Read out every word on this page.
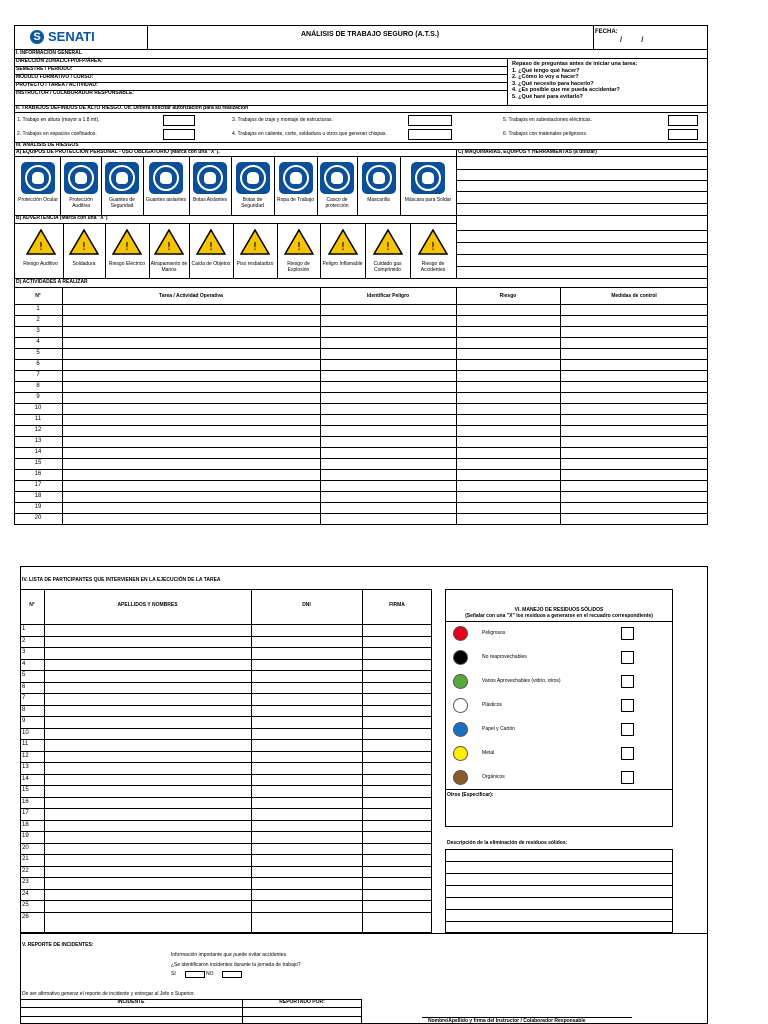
S SENATI	ANÁLISIS DE TRABAJO SEGURO (A.T.S.)	FECHA:
/          /
I. INFORMACIÓN GENERAL
DIRECCIÓN ZONAL/CFP/UFP/ÁREA:
SEMESTRE / PERIODO:
MÓDULO FORMATIVO / CURSO:
PROYECTO / TAREA / ACTIVIDAD:
INSTRUCTOR / COLABORADOR RESPONSABLE:
Repaso de preguntas antes de iniciar una tarea:
1. ¿Qué tengo qué hacer?
2. ¿Cómo lo voy a hacer?
3. ¿Qué necesito para hacerlo?
4. ¿Es posible que me pueda accidentar?
5. ¿Qué haré para evitarlo?
II. TRABAJOS DEFINIDOS DE ALTO RIESGO. Ud. Deberá solicitar autorización para su realización
1. Trabajo en altura (mayor a 1.8 mt).	3. Trabajos de izaje y montaje de estructuras.	5. Trabajos en subestaciones eléctricas.
2. Trabajos en espacios confinados.	4. Trabajos en caliente, corte, soldadura u otros que generan chispas.	6. Trabajos con materiales peligrosos.
III. ANÁLISIS DE RIESGOS
A) EQUIPOS DE PROTECCIÓN PERSONAL - USO OBLIGATORIO (Marca con una "X").	C) MAQUINARIAS, EQUIPOS Y HERRAMIENTAS (a utilizar)
Protección Ocular	Protección Auditiva
Guantes de Seguridad
Guantes aislantes	Botas Aislantes	Botas de Seguridad
Ropa de Trabajo	Casco de protección
Mascarilla	Máscara para Soldar
B) ADVERTENCIA (Marca con una "X")
!
Riesgo Auditivo
!
Soldadura
!
Riesgo Eléctrico
!
Atrapamiento de Manos
!
Caída de Objetos
!
Piso resbaladizo
!
Riesgo de Explosión
!
Peligro Inflamable
!
Cuidado gas Comprimido
!
Riesgo de Accidentes
D) ACTIVIDADES A REALIZAR
N°	Tarea / Actividad Operativa	Identificar Peligro	Riesgo	Medidas de control
1
2
3
4
5
6
7
8
9
10
11
12
13
14
15
16
17
18
19
20
IV. LISTA DE PARTICIPANTES QUE INTERVIENEN EN LA EJECUCIÓN DE LA TAREA
N°	APELLIDOS Y NOMBRES	DNI	FIRMA
1
2
3
4
5
6
7
8
9
10
11
12
13
14
15
16
17
18
19
20
21
22
23
24
25
26
VI. MANEJO DE RESIDUOS SÓLIDOS
(Señalar con una "X" los residuos a generarse en el recuadro correspondiente)
Peligrosos
No reaprovechables
Varios Aprovechables (vidrio, otros)
Plásticos
Papel y Cartón
Metal
Orgánicos
Otros (Especificar):
Descripción de la eliminación de residuos sólidos:
V. REPORTE DE INCIDENTES:
Información importante que puede evitar accidentes.
¿Se identificaron incidentes durante la jornada de trabajo?
SI	NO
De ser afirmativo generar el reporte de incidente y entregar al Jefe o Superior.
INCIDENTE	REPORTADO POR:
Nombre/Apellido y firma del Instructor / Colaborador Responsable
